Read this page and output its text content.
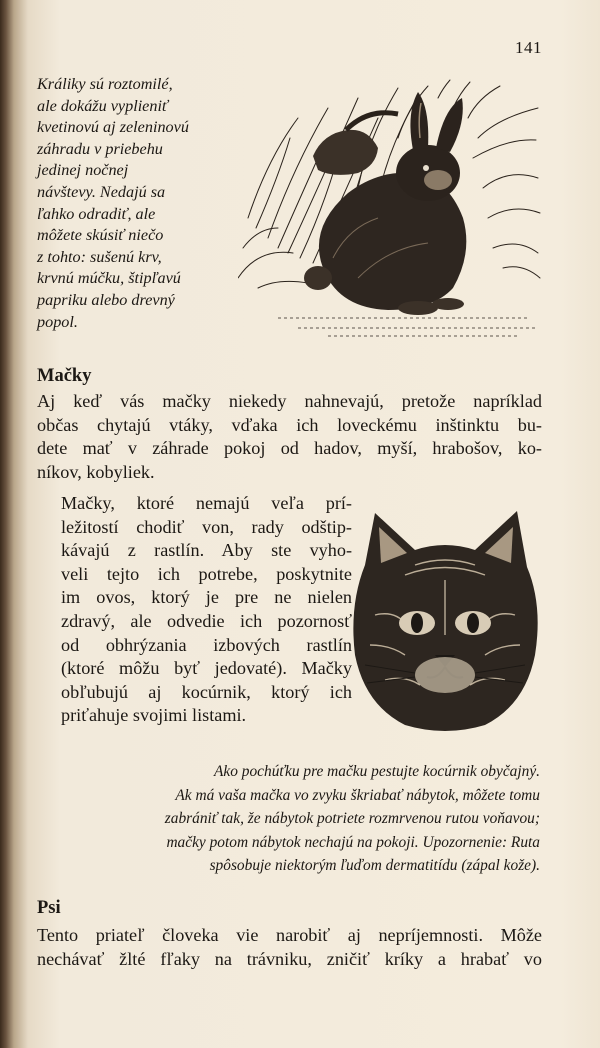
141
Králiky sú roztomilé,
ale dokážu vyplieniť
kvetinovú aj zeleninovú
záhradu v priebehu
jedinej nočnej
návštevy. Nedajú sa
ľahko odradiť, ale
môžete skúsiť niečo
z tohto: sušenú krv,
krvnú múčku, štipľavú
papriku alebo drevný
popol.
Mačky
Aj keď vás mačky niekedy nahnevajú, pretože napríklad
občas chytajú vtáky, vďaka ich loveckému inštinktu bu-
dete mať v záhrade pokoj od hadov, myší, hrabošov, ko-
níkov, kobyliek.
Mačky, ktoré nemajú veľa prí-
ležitostí chodiť von, rady odštip-
kávajú z rastlín. Aby ste vyho-
veli tejto ich potrebe, poskytnite
im ovos, ktorý je pre ne nielen
zdravý, ale odvedie ich pozornosť
od obhrýzania izbových rastlín
(ktoré môžu byť jedovaté). Mačky
obľubujú aj kocúrnik, ktorý ich
priťahuje svojimi listami.
Ako pochúťku pre mačku pestujte kocúrnik obyčajný.
Ak má vaša mačka vo zvyku škriabať nábytok, môžete tomu
zabrániť tak, že nábytok potriete rozmrvenou rutou voňavou;
mačky potom nábytok nechajú na pokoji. Upozornenie: Ruta
spôsobuje niektorým ľuďom dermatitídu (zápal kože).
Psi
Tento priateľ človeka vie narobiť aj nepríjemnosti. Môže
nechávať žlté fľaky na trávniku, zničiť kríky a hrabať vo
